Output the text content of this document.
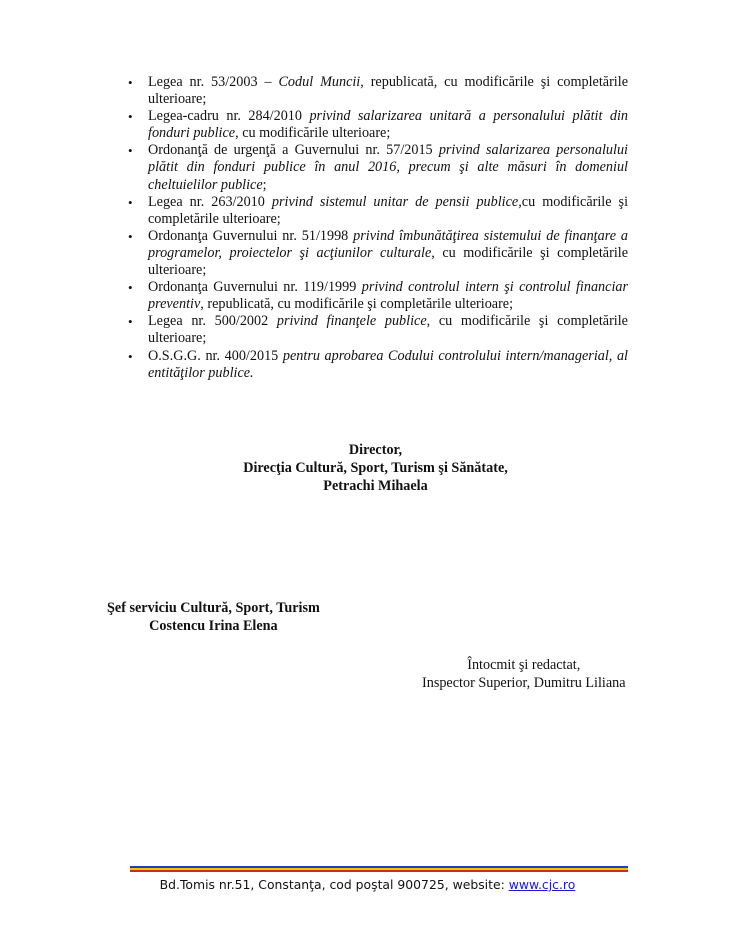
• Legea nr. 53/2003 – Codul Muncii, republicată, cu modificările şi completările ulterioare;
• Legea-cadru nr. 284/2010 privind salarizarea unitară a personalului plătit din fonduri publice, cu modificările ulterioare;
• Ordonanţă de urgenţă a Guvernului nr. 57/2015 privind salarizarea personalului plătit din fonduri publice în anul 2016, precum şi alte măsuri în domeniul cheltuielilor publice;
• Legea nr. 263/2010 privind sistemul unitar de pensii publice,cu modificările şi completările ulterioare;
• Ordonanţa Guvernului nr. 51/1998 privind îmbunătăţirea sistemului de finanţare a programelor, proiectelor şi acţiunilor culturale, cu modificările şi completările ulterioare;
• Ordonanţa Guvernului nr. 119/1999 privind controlul intern şi controlul financiar preventiv, republicată, cu modificările şi completările ulterioare;
• Legea nr. 500/2002 privind finanţele publice, cu modificările şi completările ulterioare;
• O.S.G.G. nr. 400/2015 pentru aprobarea Codului controlului intern/managerial, al entităţilor publice.
Director,
Direcţia Cultură, Sport, Turism şi Sănătate,
Petrachi Mihaela
Şef serviciu Cultură, Sport, Turism
Costencu Irina Elena
Întocmit şi redactat,
Inspector Superior, Dumitru Liliana
Bd.Tomis nr.51, Constanţa, cod poştal 900725, website: www.cjc.ro
